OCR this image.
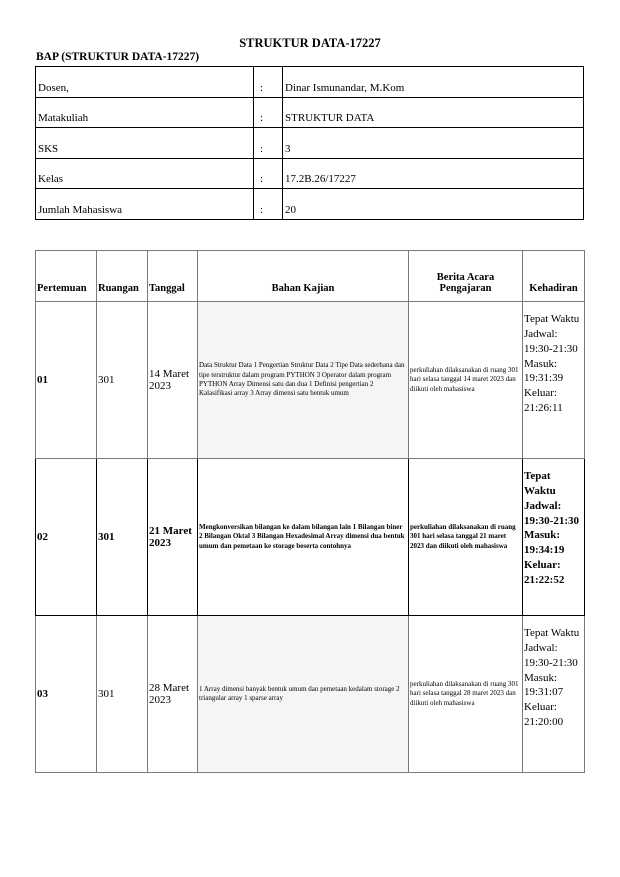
STRUKTUR DATA-17227
BAP (STRUKTUR DATA-17227)
Dosen,	:	Dinar Ismunandar, M.Kom
Matakuliah	:	STRUKTUR DATA
SKS	:	3
Kelas	:	17.2B.26/17227
Jumlah Mahasiswa	:	20
Pertemuan	Ruangan	Tanggal	Bahan Kajian	Berita Acara Pengajaran	Kehadiran
01	301	14 Maret 2023	Data Struktur Data 1 Pengertian Struktur Data 2 Tipe Data sederhana dan tipe terstruktur dalam program PYTHON 3 Operator dalam program PYTHON Array Dimensi satu dan dua 1 Definisi pengertian 2 Kalasifikasi array 3 Array dimensi satu bentuk umum	perkuliahan dilaksanakan di ruang 301 hari selasa tanggal 14 maret 2023 dan diikuti oleh mahasiswa	Tepat Waktu Jadwal: 19:30-21:30 Masuk: 19:31:39 Keluar: 21:26:11
02	301	21 Maret 2023	Mengkonversikan bilangan ke dalam bilangan lain 1 Bilangan biner 2 Bilangan Oktal 3 Bilangan Hexadesimal Array dimensi dua bentuk umum dan pemetaan ke storage beserta contohnya	perkuliahan dilaksanakan di ruang 301 hari selasa tanggal 21 maret 2023 dan diikuti oleh mahasiswa	Tepat Waktu Jadwal: 19:30-21:30 Masuk: 19:34:19 Keluar: 21:22:52
03	301	28 Maret 2023	1 Array dimensi banyak bentuk umum dan pemetaan kedalam storage 2 triangular array 1 sparse array	perkuliahan dilaksanakan di ruang 301 hari selasa tanggal 28 maret 2023 dan diikuti oleh mahasiswa	Tepat Waktu Jadwal: 19:30-21:30 Masuk: 19:31:07 Keluar: 21:20:00
